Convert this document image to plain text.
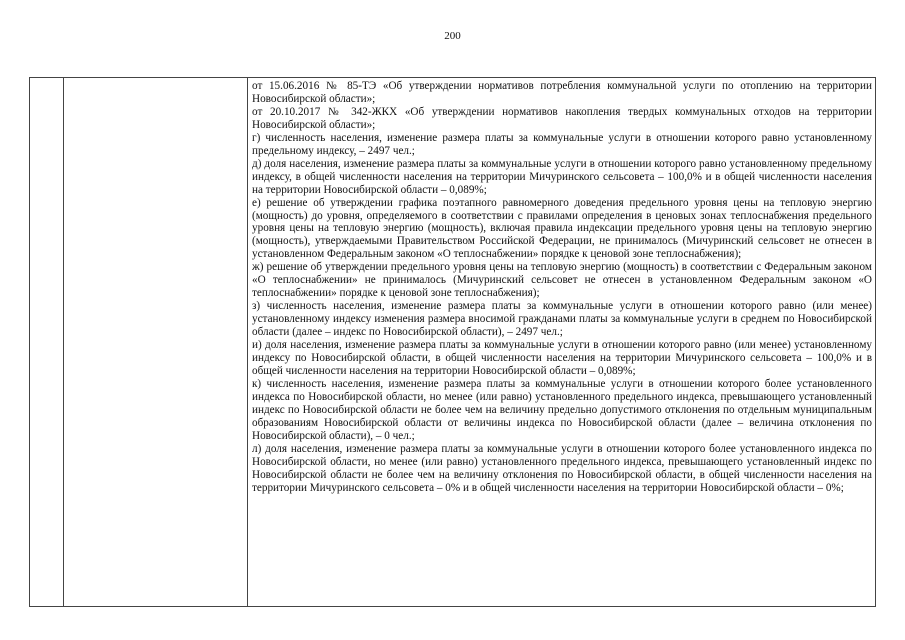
200

от 15.06.2016 № 85-ТЭ «Об утверждении нормативов потребления коммунальной услуги по отоплению на территории Новосибирской области»;

от 20.10.2017 № 342-ЖКХ «Об утверждении нормативов накопления твердых коммунальных отходов на территории Новосибирской области»;

г) численность населения, изменение размера платы за коммунальные услуги в отношении которого равно установленному предельному индексу, – 2497 чел.;

д) доля населения, изменение размера платы за коммунальные услуги в отношении которого равно установленному предельному индексу, в общей численности населения на территории Мичуринского сельсовета – 100,0% и в общей численности населения на территории Новосибирской области – 0,089%;

е) решение об утверждении графика поэтапного равномерного доведения предельного уровня цены на тепловую энергию (мощность) до уровня, определяемого в соответствии с правилами определения в ценовых зонах теплоснабжения предельного уровня цены на тепловую энергию (мощность), включая правила индексации предельного уровня цены на тепловую энергию (мощность), утверждаемыми Правительством Российской Федерации, не принималось (Мичуринский сельсовет не отнесен в установленном Федеральным законом «О теплоснабжении» порядке к ценовой зоне теплоснабжения);

ж) решение об утверждении предельного уровня цены на тепловую энергию (мощность) в соответствии с Федеральным законом «О теплоснабжении» не принималось (Мичуринский сельсовет не отнесен в установленном Федеральным законом «О теплоснабжении» порядке к ценовой зоне теплоснабжения);

з) численность населения, изменение размера платы за коммунальные услуги в отношении которого равно (или менее) установленному индексу изменения размера вносимой гражданами платы за коммунальные услуги в среднем по Новосибирской области (далее – индекс по Новосибирской области), – 2497 чел.;

и) доля населения, изменение размера платы за коммунальные услуги в отношении которого равно (или менее) установленному индексу по Новосибирской области, в общей численности населения на территории Мичуринского сельсовета – 100,0% и в общей численности населения на территории Новосибирской области – 0,089%;

к) численность населения, изменение размера платы за коммунальные услуги в отношении которого более установленного индекса по Новосибирской области, но менее (или равно) установленного предельного индекса, превышающего установленный индекс по Новосибирской области не более чем на величину предельно допустимого отклонения по отдельным муниципальным образованиям Новосибирской области от величины индекса по Новосибирской области (далее – величина отклонения по Новосибирской области), – 0 чел.;

л) доля населения, изменение размера платы за коммунальные услуги в отношении которого более установленного индекса по Новосибирской области, но менее (или равно) установленного предельного индекса, превышающего установленный индекс по Новосибирской области не более чем на величину отклонения по Новосибирской области, в общей численности населения на территории Мичуринского сельсовета – 0% и в общей численности населения на территории Новосибирской области – 0%;
